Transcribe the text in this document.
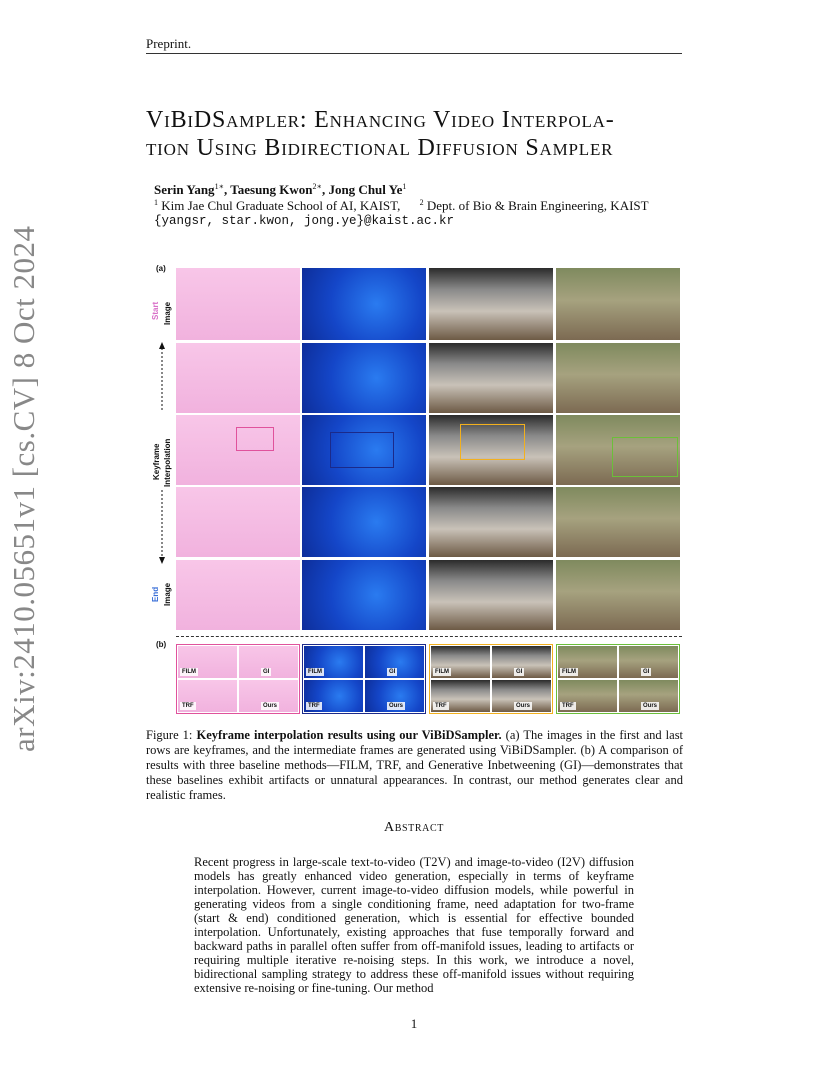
Preprint.
arXiv:2410.05651v1 [cs.CV] 8 Oct 2024
ViBiDSampler: Enhancing Video Interpola-
tion Using Bidirectional Diffusion Sampler
Serin Yang$^{1∗}$, Taesung Kwon$^{2∗}$, Jong Chul Ye$^1$
$^1$ Kim Jae Chul Graduate School of AI, KAIST, $^2$ Dept. of Bio & Brain Engineering, KAIST
{yangsr, star.kwon, jong.ye}@kaist.ac.kr
(a)
(b)
Start Image
End Image
Keyframe Interpolation
FILM	GI
TRF	Ours
FILM	GI
TRF	Ours
FILM	GI
TRF	Ours
FILM	GI
TRF	Ours
Figure 1: Keyframe interpolation results using our ViBiDSampler. (a) The images in the first and last rows are keyframes, and the intermediate frames are generated using ViBiDSampler. (b) A comparison of results with three baseline methods—FILM, TRF, and Generative Inbetweening (GI)—demonstrates that these baselines exhibit artifacts or unnatural appearances. In contrast, our method generates clear and realistic frames.
Abstract
Recent progress in large-scale text-to-video (T2V) and image-to-video (I2V) diffusion models has greatly enhanced video generation, especially in terms of keyframe interpolation. However, current image-to-video diffusion models, while powerful in generating videos from a single conditioning frame, need adaptation for two-frame (start & end) conditioned generation, which is essential for effective bounded interpolation. Unfortunately, existing approaches that fuse temporally forward and backward paths in parallel often suffer from off-manifold issues, leading to artifacts or requiring multiple iterative re-noising steps. In this work, we introduce a novel, bidirectional sampling strategy to address these off-manifold issues without requiring extensive re-noising or fine-tuning. Our method
1
